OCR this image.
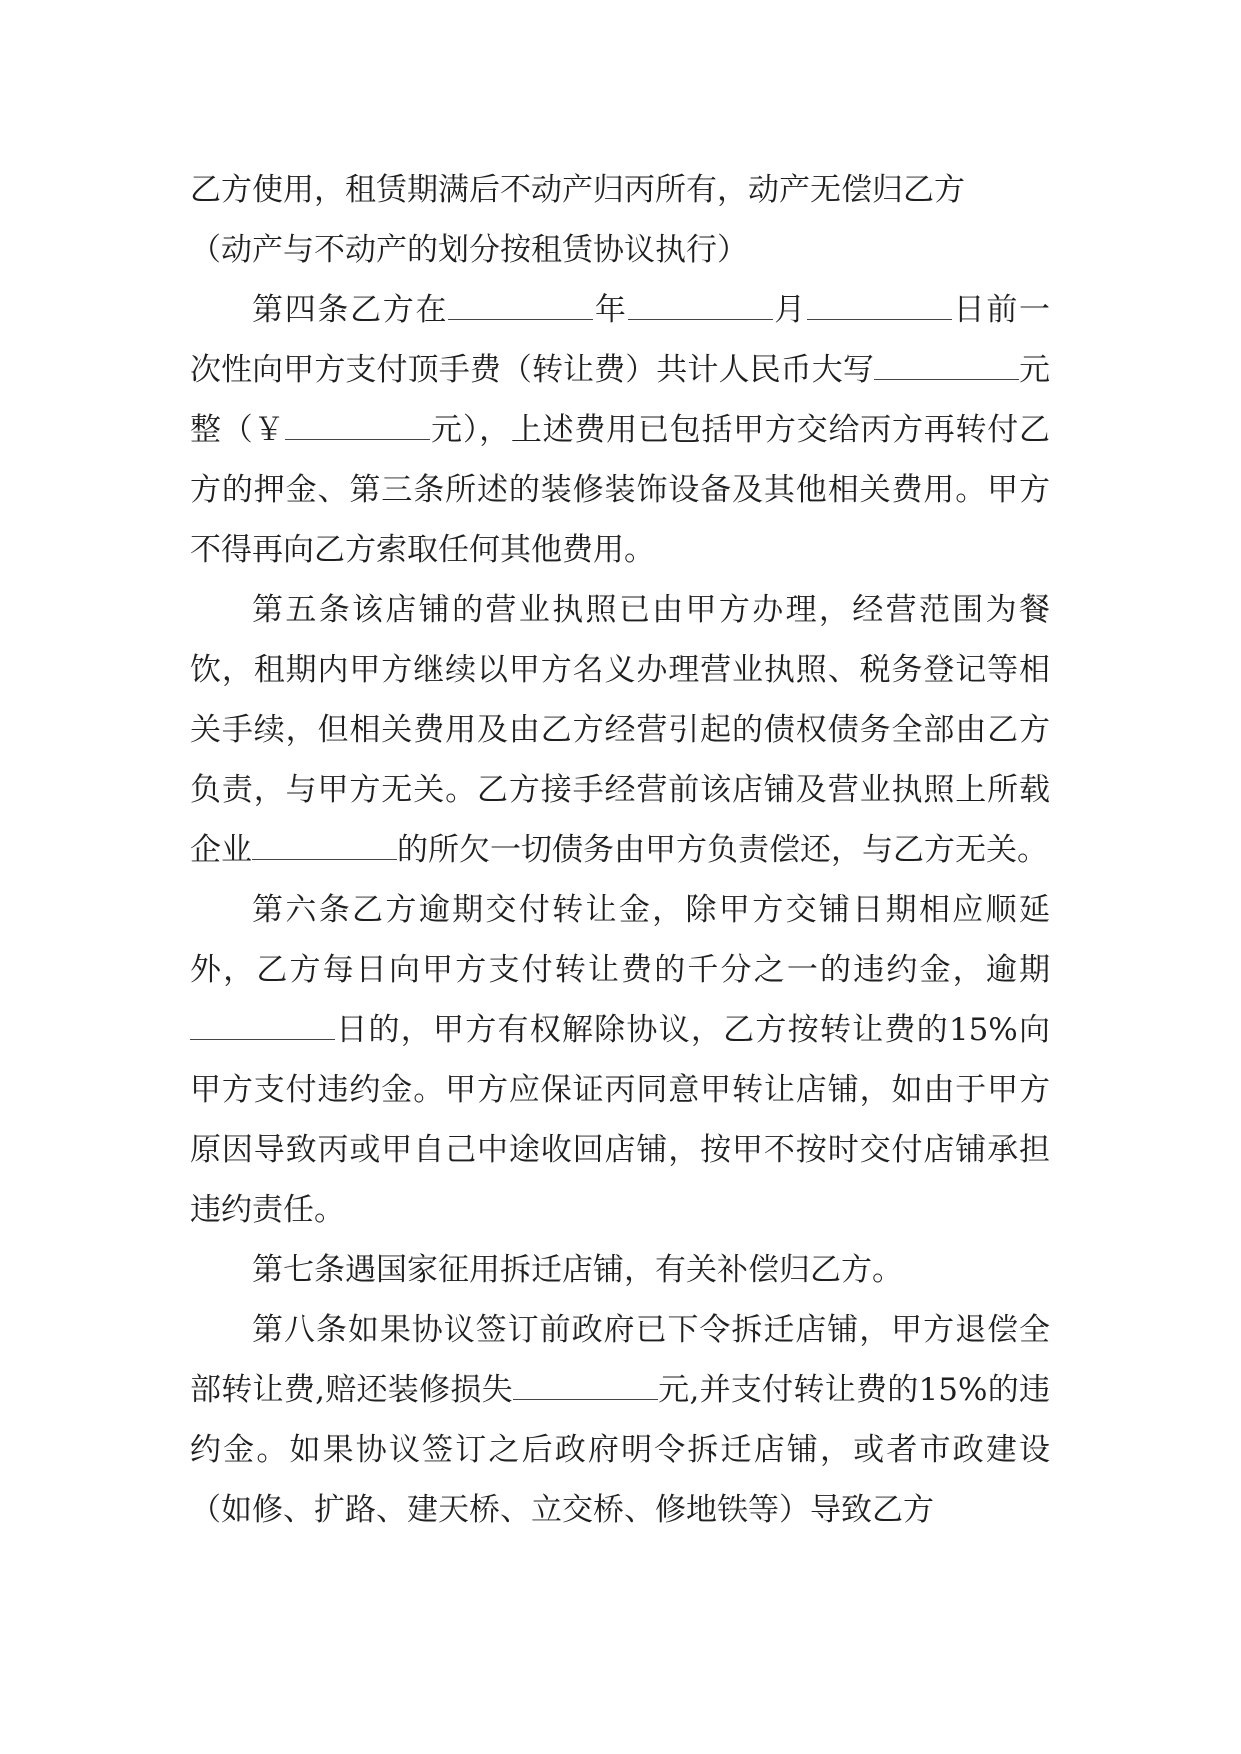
乙方使用，租赁期满后不动产归丙所有，动产无偿归乙方
（动产与不动产的划分按租赁协议执行）

第四条乙方在	年	月	日前一次性向甲方支付顶手费（转让费）共计人民币大写	元整（￥	元），上述费用已包括甲方交给丙方再转付乙方的押金、第三条所述的装修装饰设备及其他相关费用。甲方不得再向乙方索取任何其他费用。

第五条该店铺的营业执照已由甲方办理，经营范围为餐饮，租期内甲方继续以甲方名义办理营业执照、税务登记等相关手续，但相关费用及由乙方经营引起的债权债务全部由乙方负责，与甲方无关。乙方接手经营前该店铺及营业执照上所载企业	的所欠一切债务由甲方负责偿还，与乙方无关。

第六条乙方逾期交付转让金，除甲方交铺日期相应顺延外，乙方每日向甲方支付转让费的千分之一的违约金，逾期日的，甲方有权解除协议，乙方按转让费的15%向甲方支付违约金。甲方应保证丙同意甲转让店铺，如由于甲方原因导致丙或甲自己中途收回店铺，按甲不按时交付店铺承担违约责任。

第七条遇国家征用拆迁店铺，有关补偿归乙方。

第八条如果协议签订前政府已下令拆迁店铺，甲方退偿全部转让费,赔还装修损失	元,并支付转让费的15%的违约金。如果协议签订之后政府明令拆迁店铺，或者市政建设（如修、扩路、建天桥、立交桥、修地铁等）导致乙方
